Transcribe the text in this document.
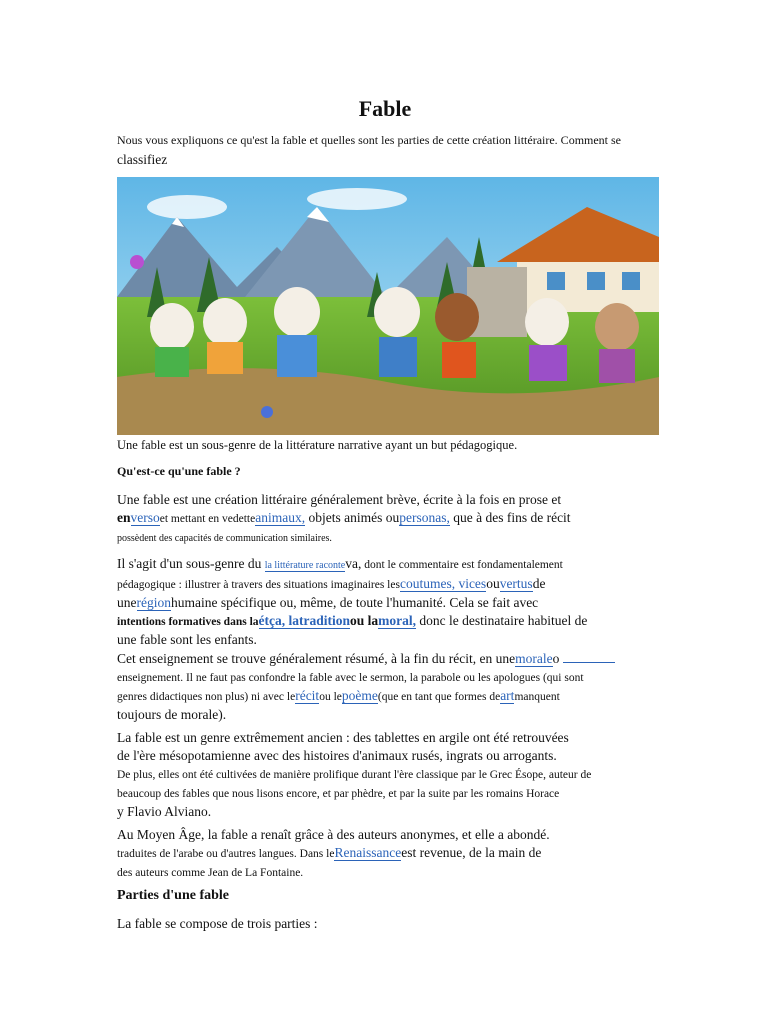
Fable

Nous vous expliquons ce qu'est la fable et quelles sont les parties de cette création littéraire. Comment se
classifiez

Une fable est un sous-genre de la littérature narrative ayant un but pédagogique.

Qu'est-ce qu'une fable ?

Une fable est une création littéraire généralement brève, écrite à la fois en prose et
enversoet mettant en vedetteanimaux, objets animés oupersonas, que à des fins de récit
possèdent des capacités de communication similaires.

Il s'agit d'un sous-genre du la littérature raconteva, dont le commentaire est fondamentalement
pédagogique : illustrer à travers des situations imaginaires lescoutumes, vicesouvertusde
unerégionhumaine spécifique ou, même, de toute l'humanité. Cela se fait avec
intentions formatives dans laétça, latraditionou lamoral, donc le destinataire habituel de
une fable sont les enfants.

Cet enseignement se trouve généralement résumé, à la fin du récit, en unemoraleo
enseignement. Il ne faut pas confondre la fable avec le sermon, la parabole ou les apologues (qui sont
genres didactiques non plus) ni avec lerécitou lepoème(que en tant que formes deartmanquent
toujours de morale).

La fable est un genre extrêmement ancien : des tablettes en argile ont été retrouvées
de l'ère mésopotamienne avec des histoires d'animaux rusés, ingrats ou arrogants.
De plus, elles ont été cultivées de manière prolifique durant l'ère classique par le Grec Ésope, auteur de
beaucoup des fables que nous lisons encore, et par phèdre, et par la suite par les romains Horace
y Flavio Alviano.

Au Moyen Âge, la fable a renaît grâce à des auteurs anonymes, et elle a abondé.
traduites de l'arabe ou d'autres langues. Dans leRenaissanceest revenue, de la main de
des auteurs comme Jean de La Fontaine.

Parties d'une fable

La fable se compose de trois parties :
